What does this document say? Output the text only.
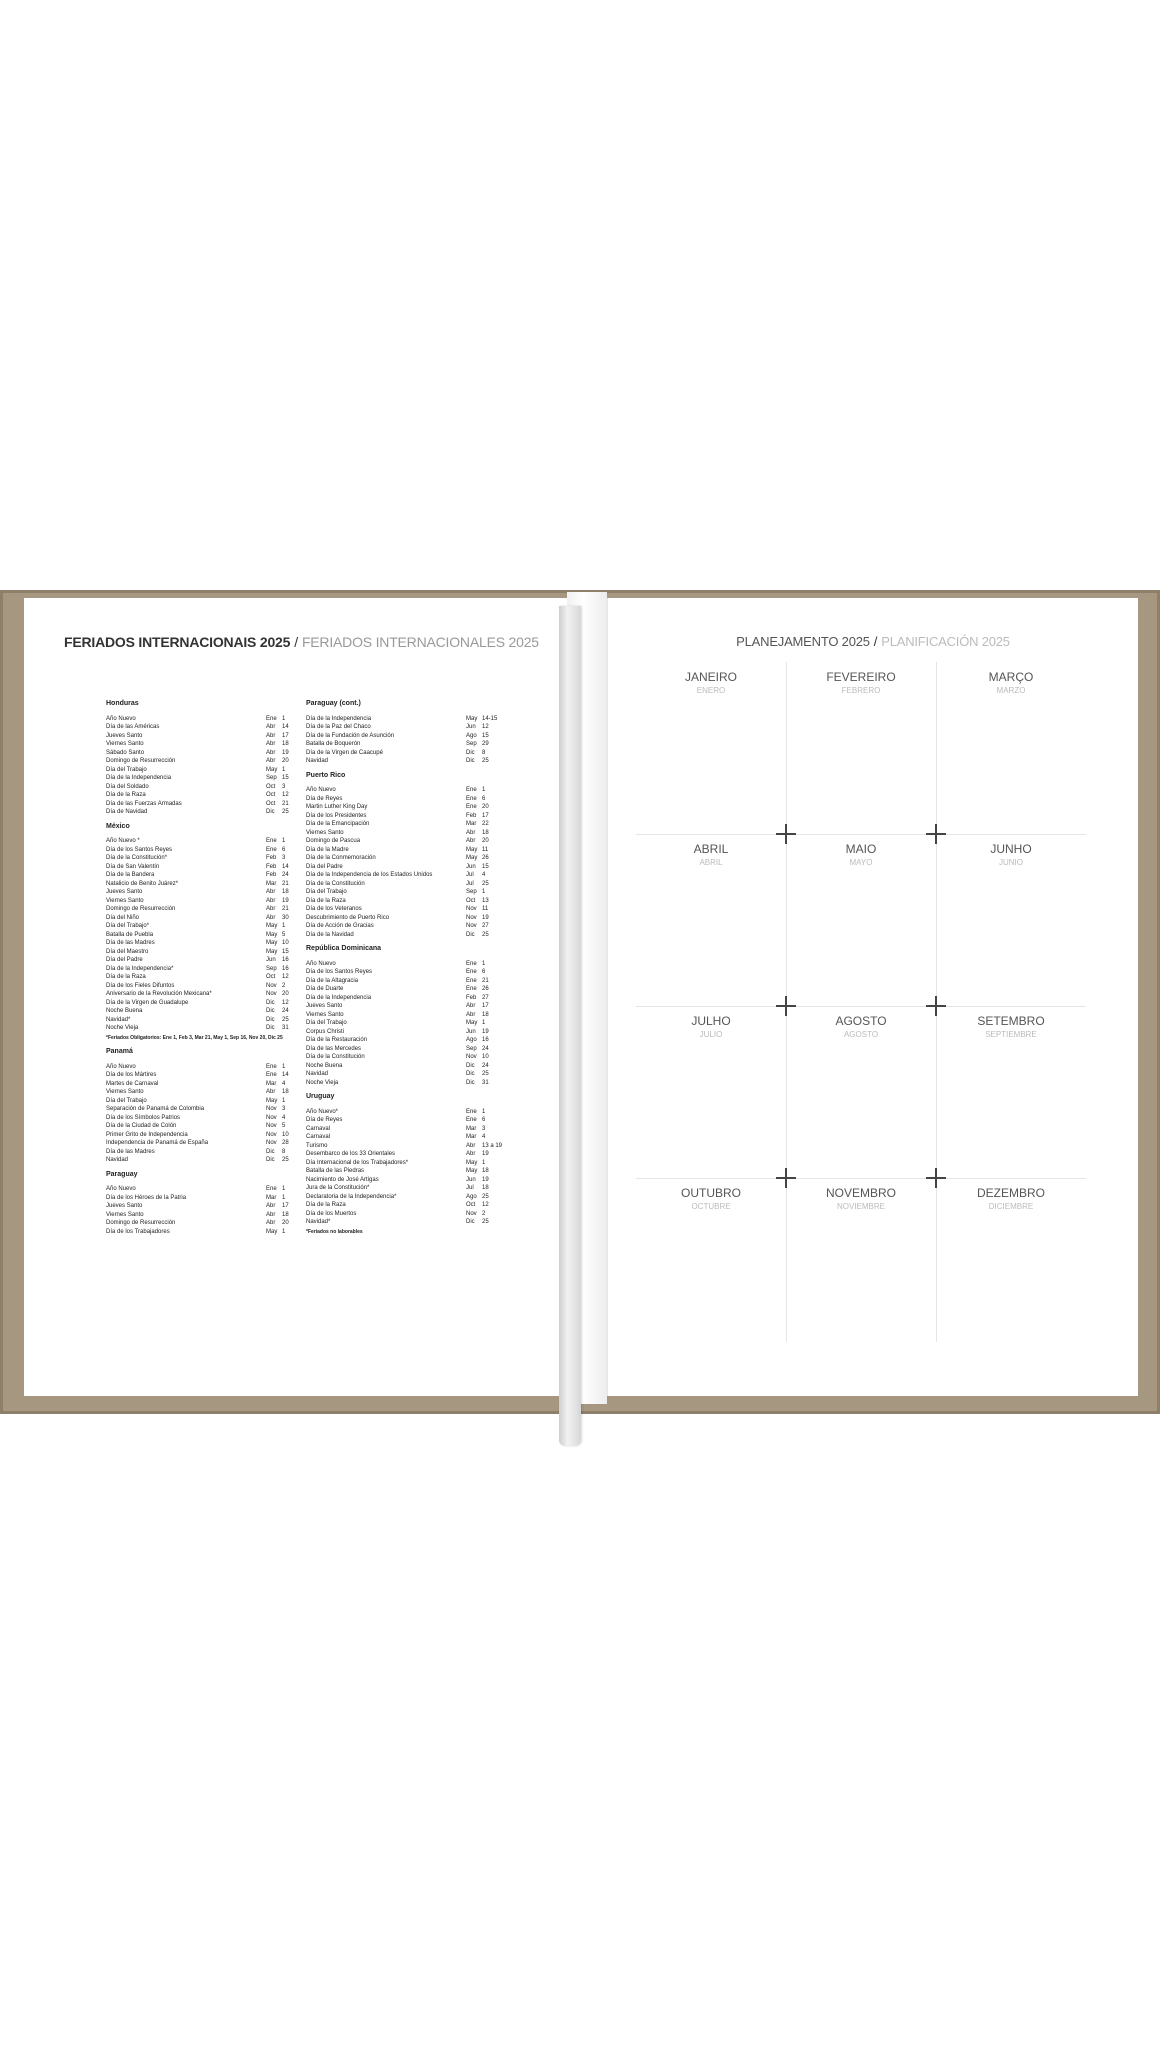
FERIADOS INTERNACIONAIS 2025 / FERIADOS INTERNACIONALES 2025
Honduras
Año Nuevo	Ene 1
Día de las Américas	Abr	14
Jueves Santo	Abr	17
Viernes Santo	Abr	18
Sábado Santo	Abr	19
Domingo de Resurrección	Abr	20
Día del Trabajo	May 1
Día de la Independencia	Sep 15
Día del Soldado	Oct	3
Día de la Raza	Oct	12
Día de las Fuerzas Armadas	Oct	21
Día de Navidad	Dic	25
México
Año Nuevo *	Ene 1
Día de los Santos Reyes	Ene 6
Día de la Constitución*	Feb 3
Día de San Valentín	Feb 14
Día de la Bandera	Feb 24
Natalicio de Benito Juárez*	Mar 21
Jueves Santo	Abr	18
Viernes Santo	Abr	19
Domingo de Resurrección	Abr	21
Día del Niño	Abr	30
Día del Trabajo*	May 1
Batalla de Puebla	May 5
Día de las Madres	May 10
Día del Maestro	May 15
Día del Padre	Jun	16
Día de la Independencia*	Sep 16
Día de la Raza	Oct	12
Día de los Fieles Difuntos	Nov 2
Aniversario de la Revolución Mexicana*	Nov 20
Día de la Virgen de Guadalupe	Dic	12
Noche Buena	Dic	24
Navidad*	Dic	25
Noche Vieja	Dic	31
*Feriados Obligatorios: Ene 1, Feb 3, Mar 21, May 1, Sep 16, Nov 20, Dic 25
Panamá
Año Nuevo	Ene 1
Día de los Mártires	Ene 14
Martes de Carnaval	Mar 4
Viernes Santo	Abr	18
Día del Trabajo	May 1
Separación de Panamá de Colombia	Nov 3
Día de los Símbolos Patrios	Nov 4
Día de la Ciudad de Colón	Nov 5
Primer Grito de Independencia	Nov 10
Independencia de Panamá de España	Nov 28
Día de las Madres	Dic	8
Navidad	Dic	25
Paraguay
Año Nuevo	Ene 1
Día de los Héroes de la Patria	Mar 1
Jueves Santo	Abr	17
Viernes Santo	Abr	18
Domingo de Resurrección	Abr	20
Día de los Trabajadores	May 1
Paraguay (cont.)
Día de la Independencia	May 14-15
Día de la Paz del Chaco	Jun	12
Día de la Fundación de Asunción	Ago 15
Batalla de Boquerón	Sep 29
Día de la Virgen de Caacupé	Dic	8
Navidad	Dic	25
Puerto Rico
Año Nuevo	Ene 1
Día de Reyes	Ene 6
Martin Luther King Day	Ene 20
Día de los Presidentes	Feb 17
Día de la Emancipación	Mar 22
Viernes Santo	Abr	18
Domingo de Pascua	Abr	20
Día de la Madre	May 11
Día de la Conmemoración	May 26
Día del Padre	Jun	15
Día de la Independencia de los Estados Unidos	Jul	4
Día de la Constitución	Jul	25
Día del Trabajo	Sep 1
Día de la Raza	Oct	13
Día de los Veteranos	Nov 11
Descubrimiento de Puerto Rico	Nov 19
Día de Acción de Gracias	Nov 27
Día de la Navidad	Dic	25
República Dominicana
Año Nuevo	Ene 1
Día de los Santos Reyes	Ene 6
Día de la Altagracia	Ene 21
Día de Duarte	Ene 26
Día de la Independencia	Feb 27
Jueves Santo	Abr	17
Viernes Santo	Abr	18
Día del Trabajo	May 1
Corpus Christi	Jun	19
Día de la Restauración	Ago 16
Día de las Mercedes	Sep 24
Día de la Constitución	Nov 10
Noche Buena	Dic	24
Navidad	Dic	25
Noche Vieja	Dic	31
Uruguay
Año Nuevo*	Ene 1
Día de Reyes	Ene 6
Carnaval	Mar 3
Carnaval	Mar 4
Turismo	Abr	13 a 19
Desembarco de los 33 Orientales	Abr	19
Día Internacional de los Trabajadores*	May 1
Batalla de las Piedras	May 18
Nacimiento de José Artigas	Jun	19
Jura de la Constitución*	Jul	18
Declaratoria de la Independencia*	Ago 25
Día de la Raza	Oct	12
Día de los Muertos	Nov 2
Navidad*	Dic	25
*Feriados no laborables
PLANEJAMENTO 2025 / PLANIFICACIÓN 2025
JANEIRO
ENERO
FEVEREIRO
FEBRERO
MARÇO
MARZO
ABRIL
ABRIL
MAIO
MAYO
JUNHO
JUNIO
JULHO
JULIO
AGOSTO
AGOSTO
SETEMBRO
SEPTIEMBRE
OUTUBRO
OCTUBRE
NOVEMBRO
NOVIEMBRE
DEZEMBRO
DICIEMBRE
